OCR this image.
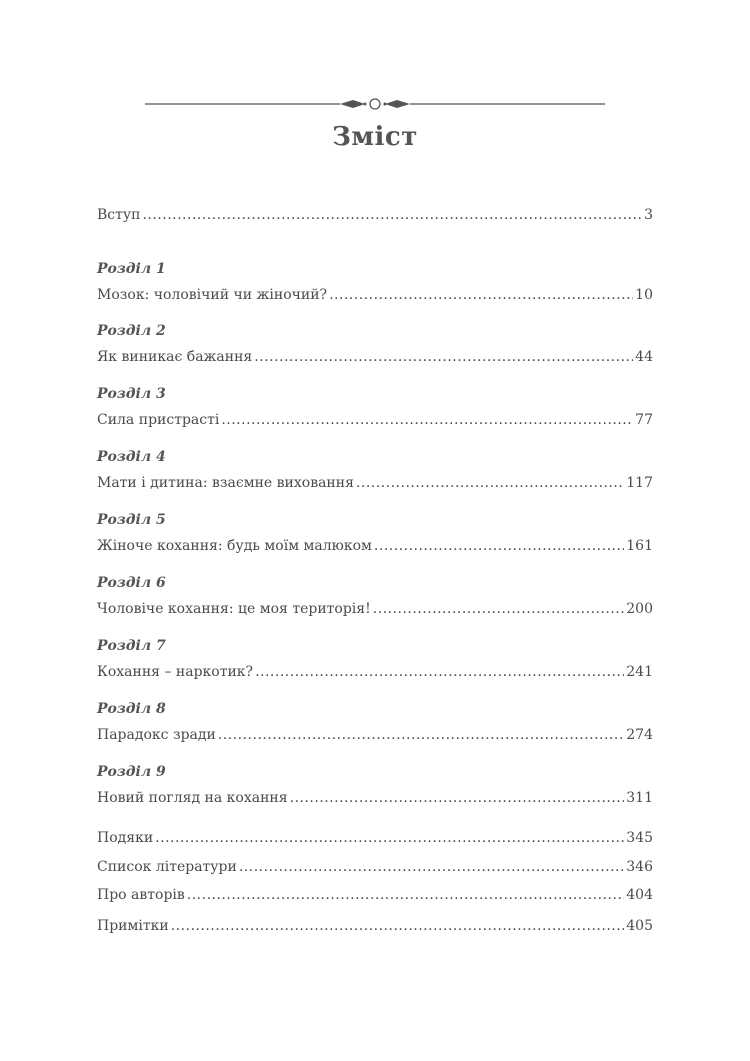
Зміст
Вступ .....	3
Розділ 1
Мозок: чоловічий чи жіночий? .....	10
Розділ 2
Як виникає бажання .....	44
Розділ 3
Сила пристрасті .....	77
Розділ 4
Мати і дитина: взаємне виховання .....	117
Розділ 5
Жіноче кохання: будь моїм малюком .....	161
Розділ 6
Чоловіче кохання: це моя територія! .....	200
Розділ 7
Кохання – наркотик? .....	241
Розділ 8
Парадокс зради .....	274
Розділ 9
Новий погляд на кохання .....	311
Подяки .....	345
Список літератури .....	346
Про авторів .....	404
Примітки .....	405
